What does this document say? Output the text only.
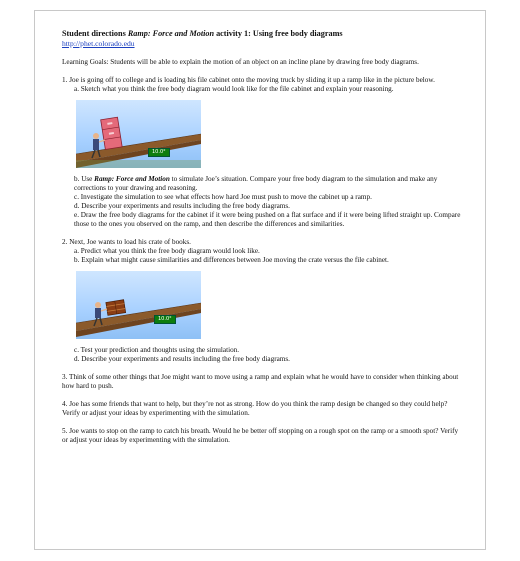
Student directions Ramp: Force and Motion activity 1: Using free body diagrams
http://phet.colorado.edu

Learning Goals: Students will be able to explain the motion of an object on an incline plane by drawing free body diagrams.

1. Joe is going off to college and is loading his file cabinet onto the moving truck by sliding it up a ramp like in the picture below.

a. Sketch what you think the free body diagram would look like for the file cabinet and explain your reasoning.

10.0°

b. Use Ramp: Force and Motion to simulate Joe’s situation. Compare your free body diagram to the simulation and make any corrections to your drawing and reasoning.

c. Investigate the simulation to see what effects how hard Joe must push to move the cabinet up a ramp.

d. Describe your experiments and results including the free body diagrams.

e. Draw the free body diagrams for the cabinet if it were being pushed on a flat surface and if it were being lifted straight up. Compare those to the ones you observed on the ramp, and then describe the differences and similarities.

2. Next, Joe wants to load his crate of books.

a. Predict what you think the free body diagram would look like.

b. Explain what might cause similarities and differences between Joe moving the crate versus the file cabinet.

10.0°

c. Test your prediction and thoughts using the simulation.

d. Describe your experiments and results including the free body diagrams.

3. Think of some other things that Joe might want to move using a ramp and explain what he would have to consider when thinking about how hard to push.

4. Joe has some friends that want to help, but they’re not as strong. How do you think the ramp design be changed so they could help? Verify or adjust your ideas by experimenting with the simulation.

5. Joe wants to stop on the ramp to catch his breath. Would he be better off stopping on a rough spot on the ramp or a smooth spot? Verify or adjust your ideas by experimenting with the simulation.
